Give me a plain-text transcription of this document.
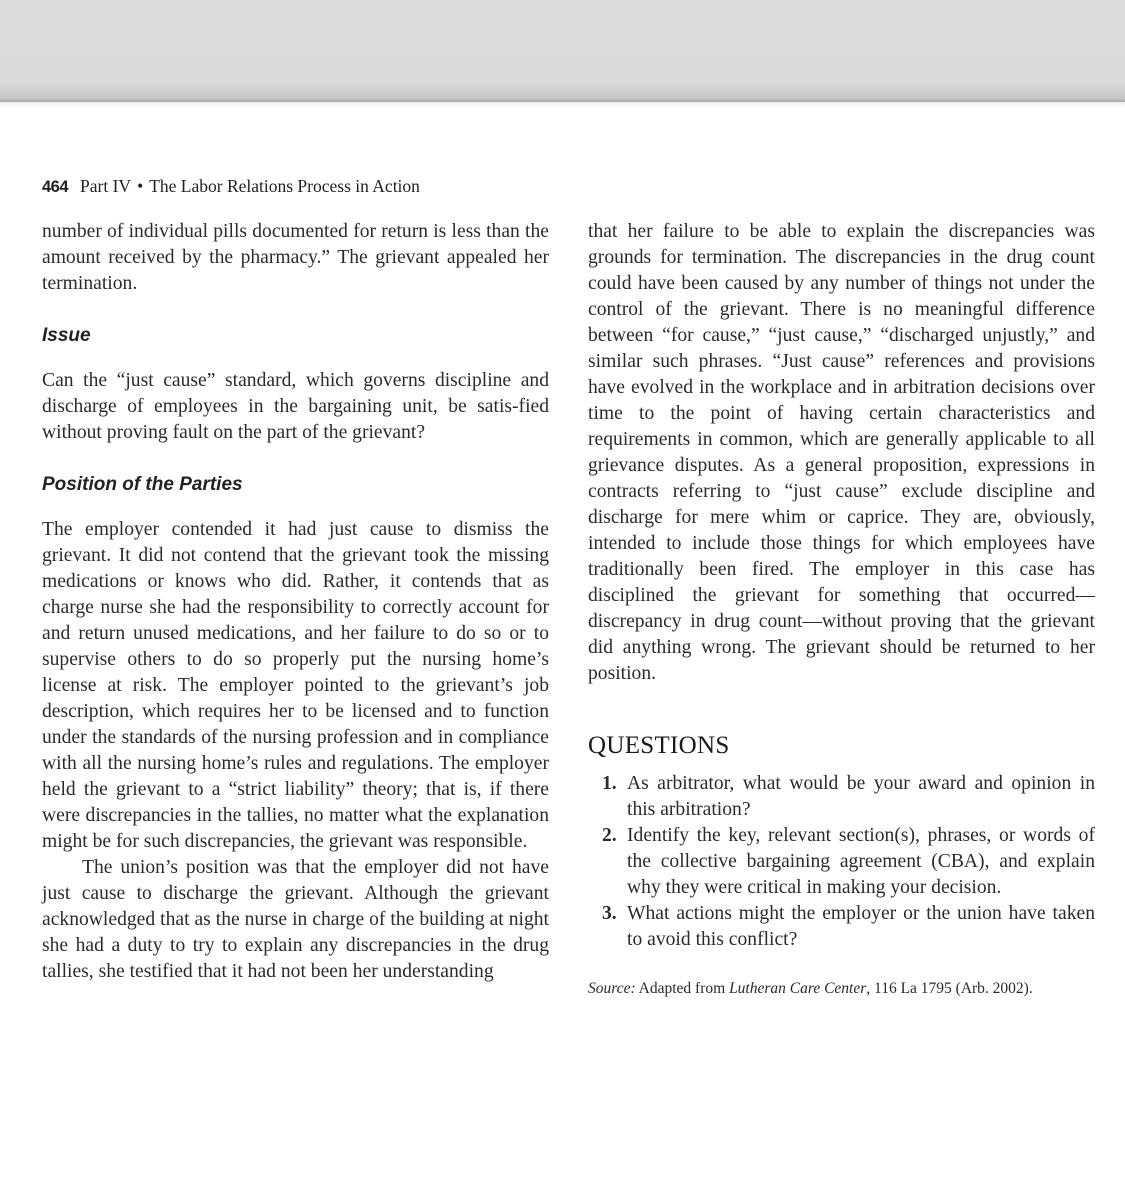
464 Part IV • The Labor Relations Process in Action

number of individual pills documented for return is less than the amount received by the pharmacy.” The grievant appealed her termination.

Issue

Can the “just cause” standard, which governs discipline and discharge of employees in the bargaining unit, be satis-fied without proving fault on the part of the grievant?

Position of the Parties

The employer contended it had just cause to dismiss the grievant. It did not contend that the grievant took the missing medications or knows who did. Rather, it contends that as charge nurse she had the responsibility to correctly account for and return unused medications, and her failure to do so or to supervise others to do so properly put the nursing home’s license at risk. The employer pointed to the grievant’s job description, which requires her to be licensed and to function under the standards of the nursing profession and in compliance with all the nursing home’s rules and regulations. The employer held the grievant to a “strict liability” theory; that is, if there were discrepancies in the tallies, no matter what the explanation might be for such discrepancies, the grievant was responsible.

The union’s position was that the employer did not have just cause to discharge the grievant. Although the grievant acknowledged that as the nurse in charge of the building at night she had a duty to try to explain any discrepancies in the drug tallies, she testified that it had not been her understanding

that her failure to be able to explain the discrepancies was grounds for termination. The discrepancies in the drug count could have been caused by any number of things not under the control of the grievant. There is no meaningful difference between “for cause,” “just cause,” “discharged unjustly,” and similar such phrases. “Just cause” references and provisions have evolved in the workplace and in arbitration decisions over time to the point of having certain characteristics and requirements in common, which are generally applicable to all grievance disputes. As a general proposition, expressions in contracts referring to “just cause” exclude discipline and discharge for mere whim or caprice. They are, obviously, intended to include those things for which employees have traditionally been fired. The employer in this case has disciplined the grievant for something that occurred—discrepancy in drug count—without proving that the grievant did anything wrong. The grievant should be returned to her position.

QUESTIONS
1. As arbitrator, what would be your award and opinion in this arbitration?
2. Identify the key, relevant section(s), phrases, or words of the collective bargaining agreement (CBA), and explain why they were critical in making your decision.
3. What actions might the employer or the union have taken to avoid this conflict?
Source: Adapted from Lutheran Care Center, 116 La 1795 (Arb. 2002).
